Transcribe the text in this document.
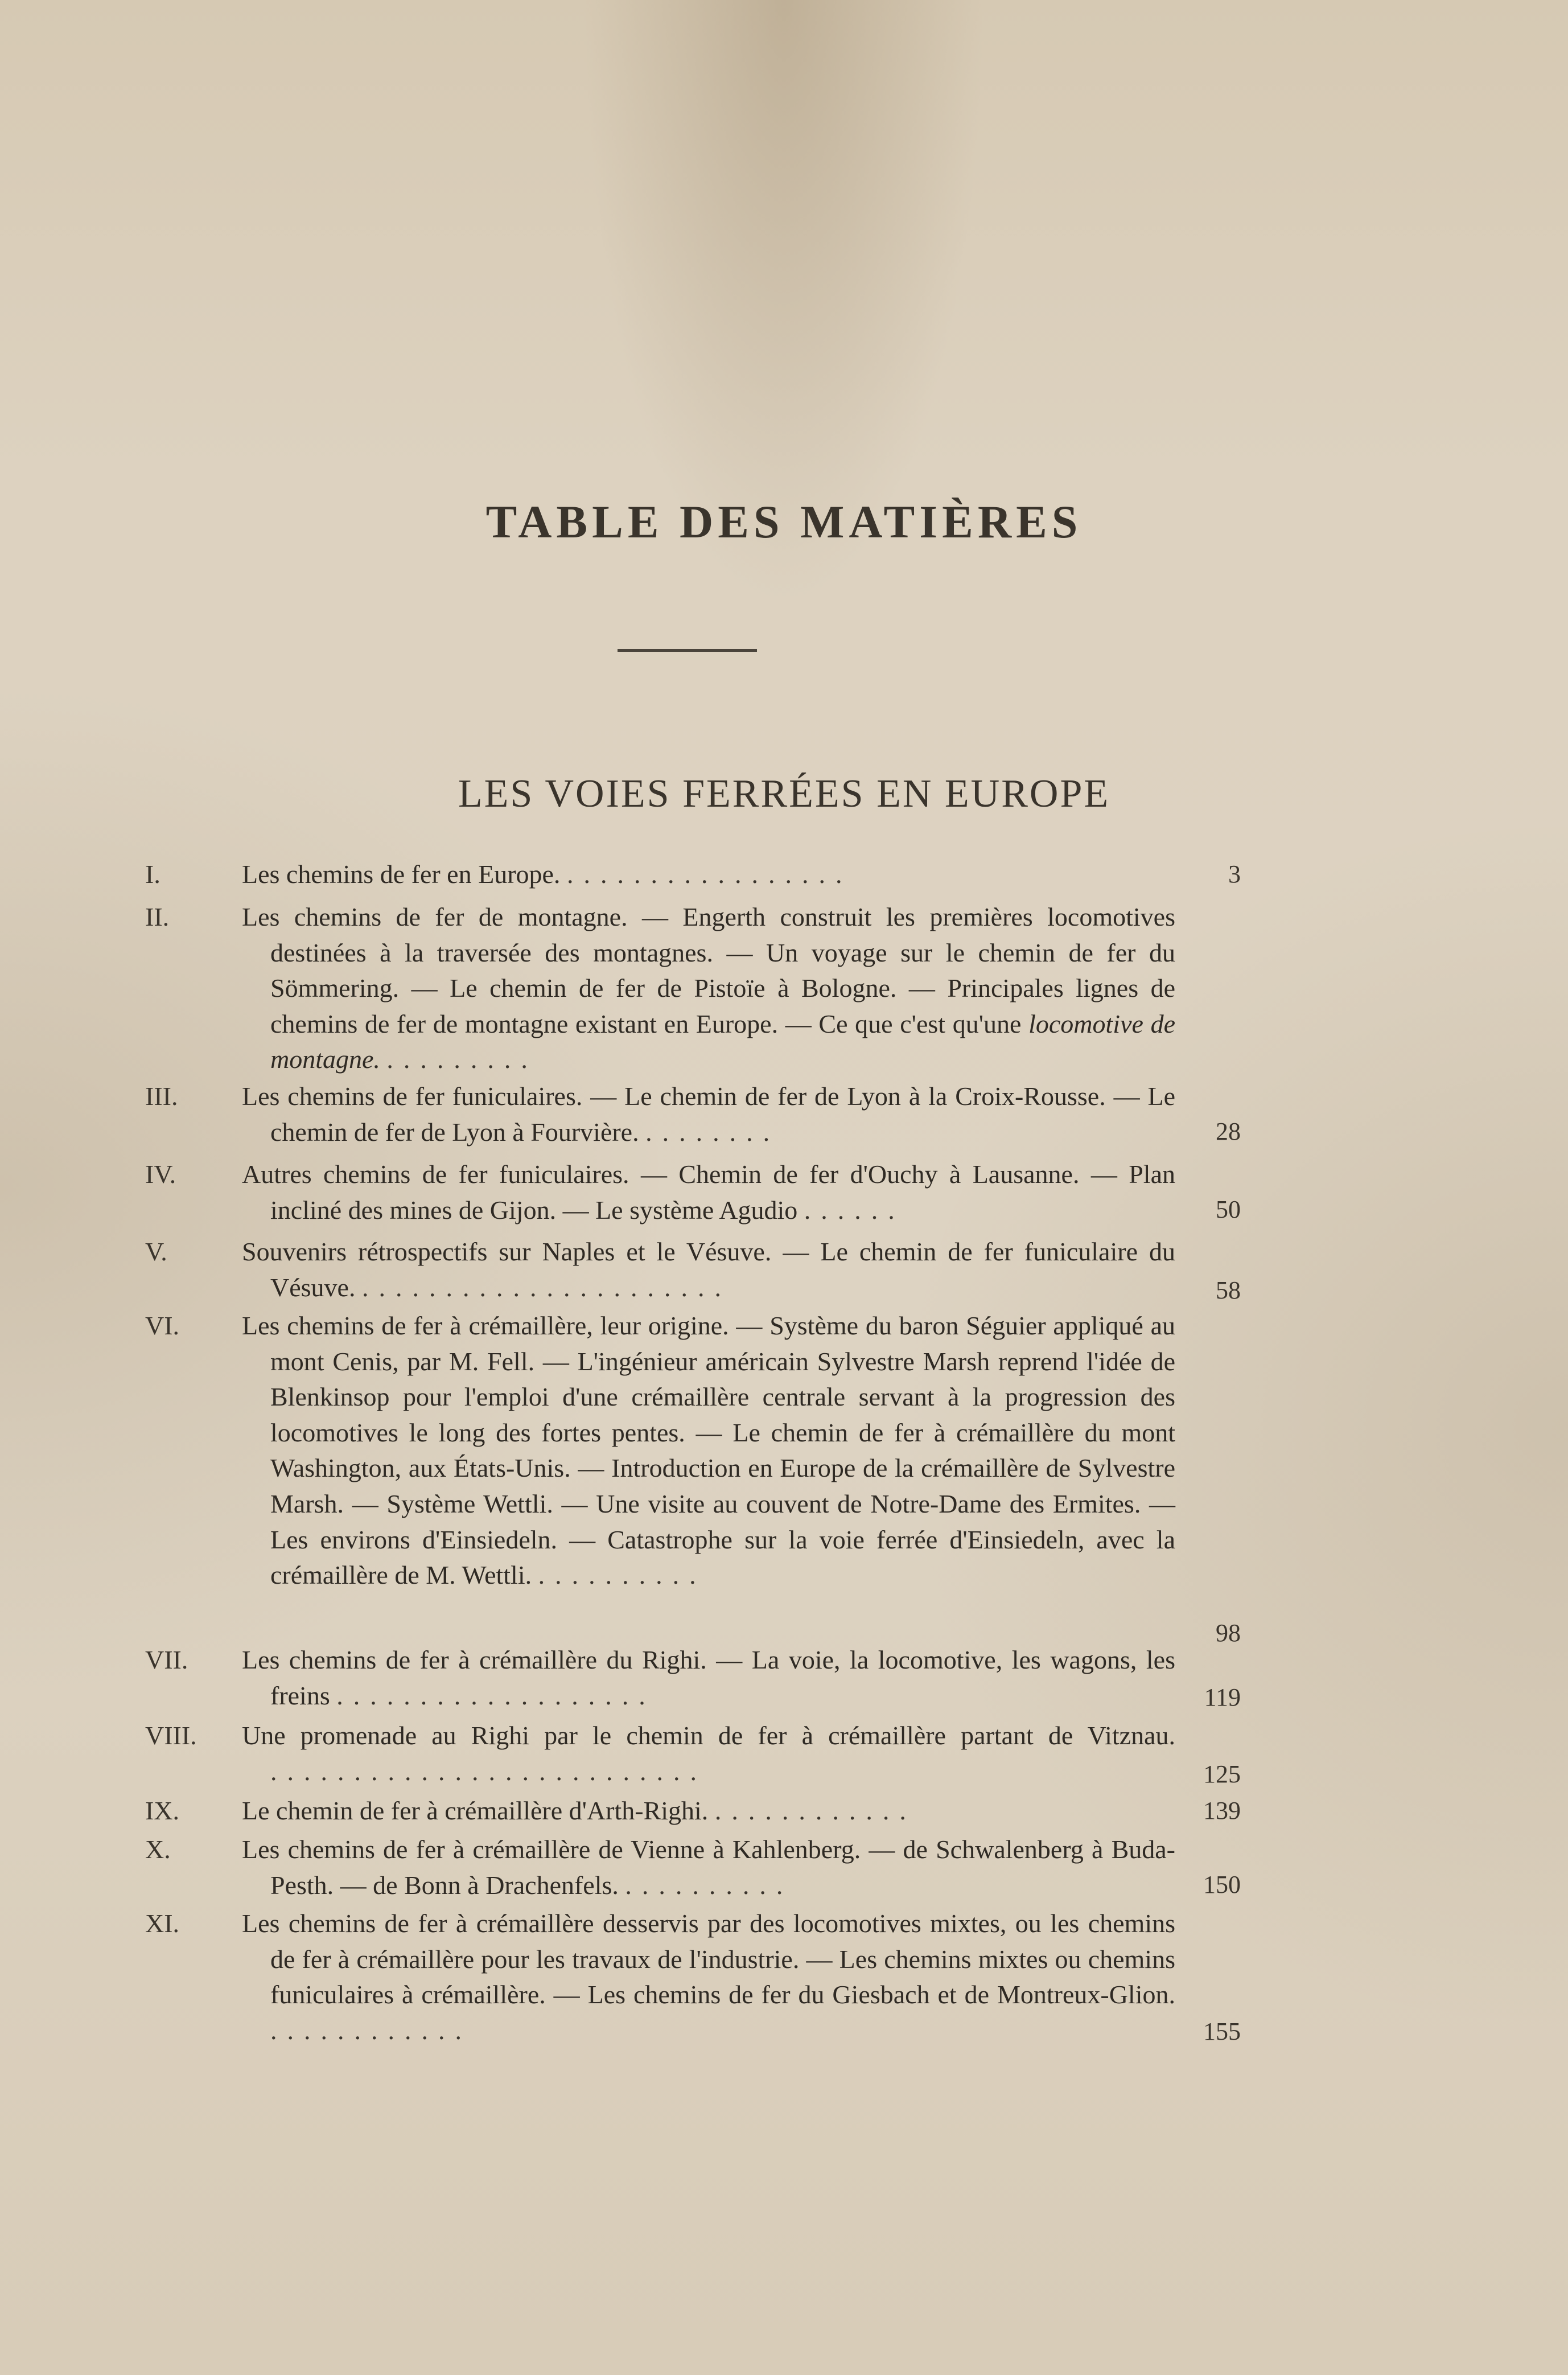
TABLE DES MATIÈRES
LES VOIES FERRÉES EN EUROPE
I.	Les chemins de fer en Europe. .................	3
II.	Les chemins de fer de montagne. — Engerth construit les premières locomotives destinées à la traversée des montagnes. — Un voyage sur le chemin de fer du Sömmering. — Le chemin de fer de Pistoïe à Bologne. — Principales lignes de chemins de fer de montagne existant en Europe. — Ce que c'est qu'une locomotive de montagne. .........
III. Les chemins de fer funiculaires. — Le chemin de fer de Lyon à la Croix-Rousse. — Le chemin de fer de Lyon à Fourvière. ........	28
IV.	Autres chemins de fer funiculaires. — Chemin de fer d'Ouchy à Lausanne. — Plan incliné des mines de Gijon. — Le système Agudio ......	50
V.	Souvenirs rétrospectifs sur Naples et le Vésuve. — Le chemin de fer funiculaire du Vésuve. ......................	58
VI. Les chemins de fer à crémaillère, leur origine. — Système du baron Séguier appliqué au mont Cenis, par M. Fell. — L'ingénieur américain Sylvestre Marsh reprend l'idée de Blenkinsop pour l'emploi d'une crémaillère centrale servant à la progression des locomotives le long des fortes pentes. — Le chemin de fer à crémaillère du mont Washington, aux États-Unis. — Introduction en Europe de la crémaillère de Sylvestre Marsh. — Système Wettli. — Une visite au couvent de Notre-Dame des Ermites. — Les environs d'Einsiedeln. — Catastrophe sur la voie ferrée d'Einsiedeln, avec la crémaillère de M. Wettli. ..........
98
VII. Les chemins de fer à crémaillère du Righi. — La voie, la locomotive, les wagons, les freins ...................	119
VIII. Une promenade au Righi par le chemin de fer à crémaillère partant de Vitznau. ..........................	125
IX. Le chemin de fer à crémaillère d'Arth-Righi. ............	139
X.	Les chemins de fer à crémaillère de Vienne à Kahlenberg. — de Schwalenberg à Buda-Pesth. — de Bonn à Drachenfels. ..........	150
XI. Les chemins de fer à crémaillère desservis par des locomotives mixtes, ou les chemins de fer à crémaillère pour les travaux de l'industrie. — Les chemins mixtes ou chemins funiculaires à crémaillère. — Les chemins de fer du Giesbach et de Montreux-Glion. ............	155
